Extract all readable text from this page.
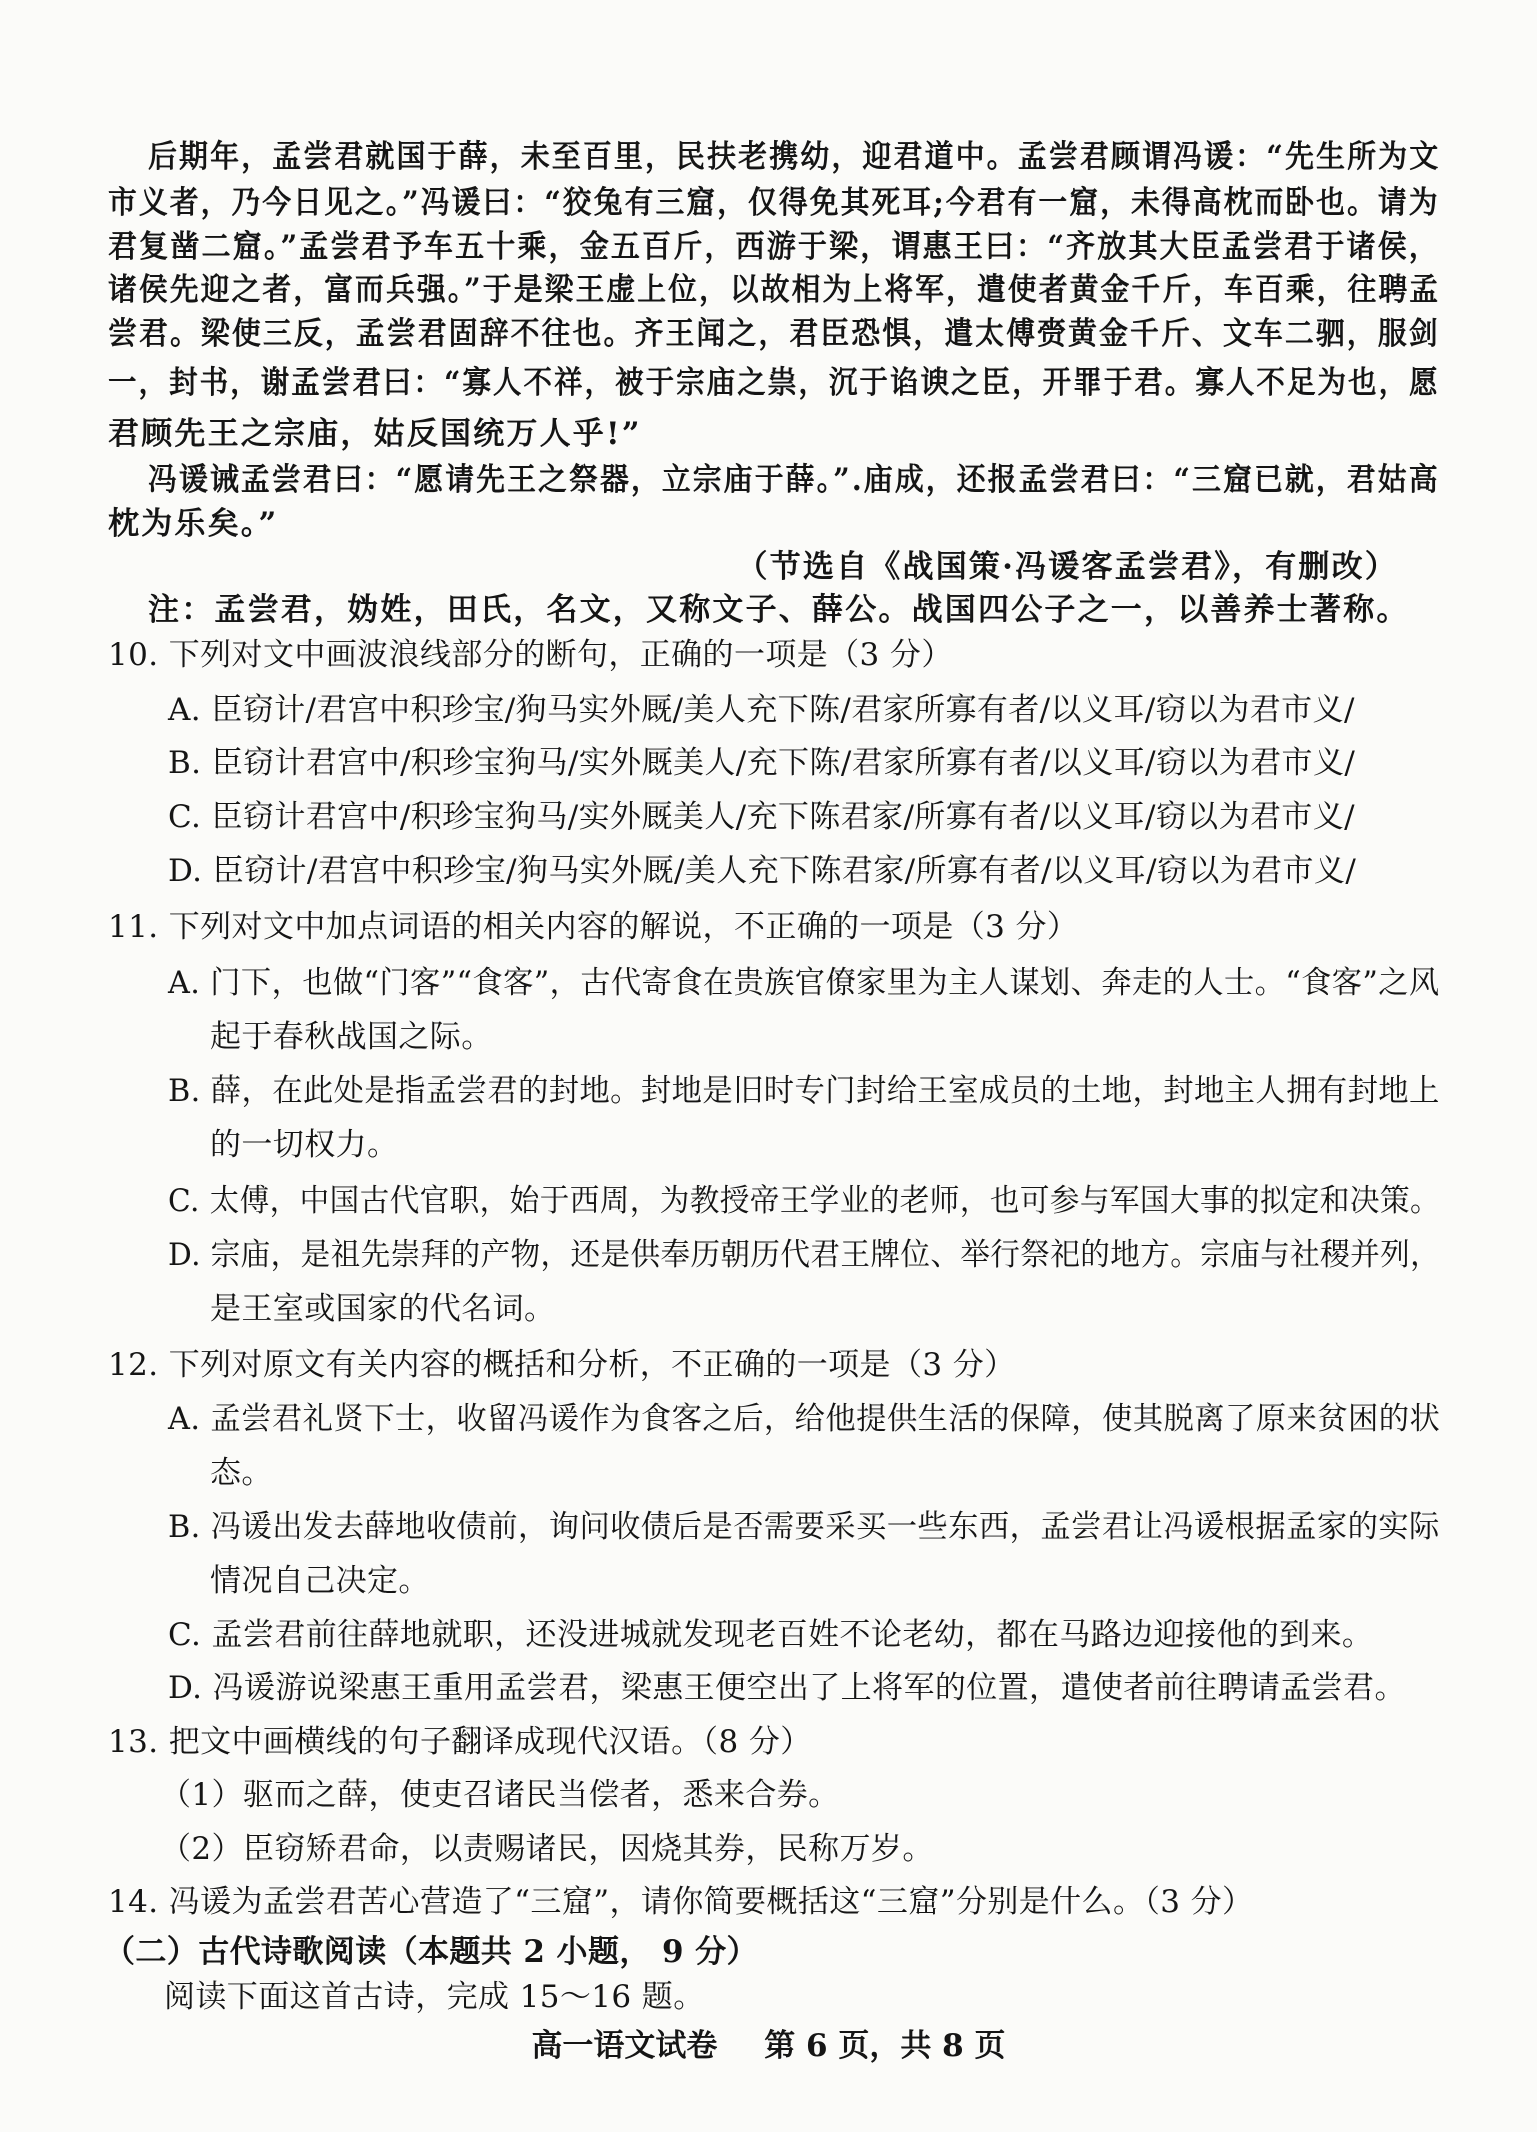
后期年，孟尝君就国于薛，未至百里，民扶老携幼，迎君道中。孟尝君顾谓冯谖：“先生所为文
市义者，乃今日见之。”冯谖曰：“狡兔有三窟，仅得免其死耳;今君有一窟，未得高枕而卧也。请为
君复凿二窟。”孟尝君予车五十乘，金五百斤，西游于梁，谓惠王曰：“齐放其大臣孟尝君于诸侯，
诸侯先迎之者，富而兵强。”于是梁王虚上位，以故相为上将军，遣使者黄金千斤，车百乘，往聘孟
尝君。梁使三反，孟尝君固辞不往也。齐王闻之，君臣恐惧，遣太傅赍黄金千斤、文车二驷，服剑
一，封书，谢孟尝君曰：“寡人不祥，被于宗庙之祟，沉于谄谀之臣，开罪于君。寡人不足为也，愿
君顾先王之宗庙，姑反国统万人乎!”
冯谖诫孟尝君曰：“愿请先王之祭器，立宗庙于薛。”.庙成，还报孟尝君曰：“三窟已就，君姑高
枕为乐矣。”
（节选自《战国策·冯谖客孟尝君》，有删改）
注：孟尝君，妫姓，田氏，名文，又称文子、薛公。战国四公子之一，以善养士著称。
10. 下列对文中画波浪线部分的断句，正确的一项是（3 分）
A. 臣窃计/君宫中积珍宝/狗马实外厩/美人充下陈/君家所寡有者/以义耳/窃以为君市义/
B. 臣窃计君宫中/积珍宝狗马/实外厩美人/充下陈/君家所寡有者/以义耳/窃以为君市义/
C. 臣窃计君宫中/积珍宝狗马/实外厩美人/充下陈君家/所寡有者/以义耳/窃以为君市义/
D. 臣窃计/君宫中积珍宝/狗马实外厩/美人充下陈君家/所寡有者/以义耳/窃以为君市义/
11. 下列对文中加点词语的相关内容的解说，不正确的一项是（3 分）
A. 门下，也做“门客”“食客”，古代寄食在贵族官僚家里为主人谋划、奔走的人士。“食客”之风
起于春秋战国之际。
B. 薛，在此处是指孟尝君的封地。封地是旧时专门封给王室成员的土地，封地主人拥有封地上
的一切权力。
C. 太傅，中国古代官职，始于西周，为教授帝王学业的老师，也可参与军国大事的拟定和决策。
D. 宗庙，是祖先崇拜的产物，还是供奉历朝历代君王牌位、举行祭祀的地方。宗庙与社稷并列，
是王室或国家的代名词。
12. 下列对原文有关内容的概括和分析，不正确的一项是（3 分）
A. 孟尝君礼贤下士，收留冯谖作为食客之后，给他提供生活的保障，使其脱离了原来贫困的状
态。
B. 冯谖出发去薛地收债前，询问收债后是否需要采买一些东西，孟尝君让冯谖根据孟家的实际
情况自己决定。
C. 孟尝君前往薛地就职，还没进城就发现老百姓不论老幼，都在马路边迎接他的到来。
D. 冯谖游说梁惠王重用孟尝君，梁惠王便空出了上将军的位置，遣使者前往聘请孟尝君。
13. 把文中画横线的句子翻译成现代汉语。（8 分）
（1）驱而之薛，使吏召诸民当偿者，悉来合券。
（2）臣窃矫君命，以责赐诸民，因烧其券，民称万岁。
14. 冯谖为孟尝君苦心营造了“三窟”，请你简要概括这“三窟”分别是什么。（3 分）
（二）古代诗歌阅读（本题共 2 小题， 9 分）
阅读下面这首古诗，完成 15～16 题。
高一语文试卷 第 6 页，共 8 页
